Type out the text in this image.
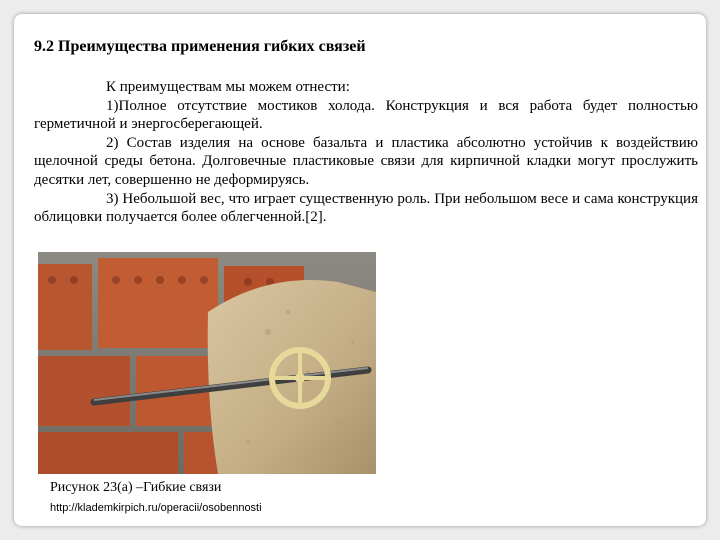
9.2 Преимущества применения гибких связей

К преимуществам мы можем отнести:

1)Полное отсутствие мостиков холода. Конструкция и вся работа будет полностью герметичной и энергосберегающей.

2) Состав изделия на основе базальта и пластика абсолютно устойчив к воздействию щелочной среды бетона. Долговечные пластиковые связи для кирпичной кладки могут прослужить десятки лет, совершенно не деформируясь.

3) Небольшой вес, что играет существенную роль. При небольшом весе и сама конструкция облицовки получается более облегченной.[2].

Рисунок 23(а) –Гибкие связи
http://klademkirpich.ru/operacii/osobennosti
